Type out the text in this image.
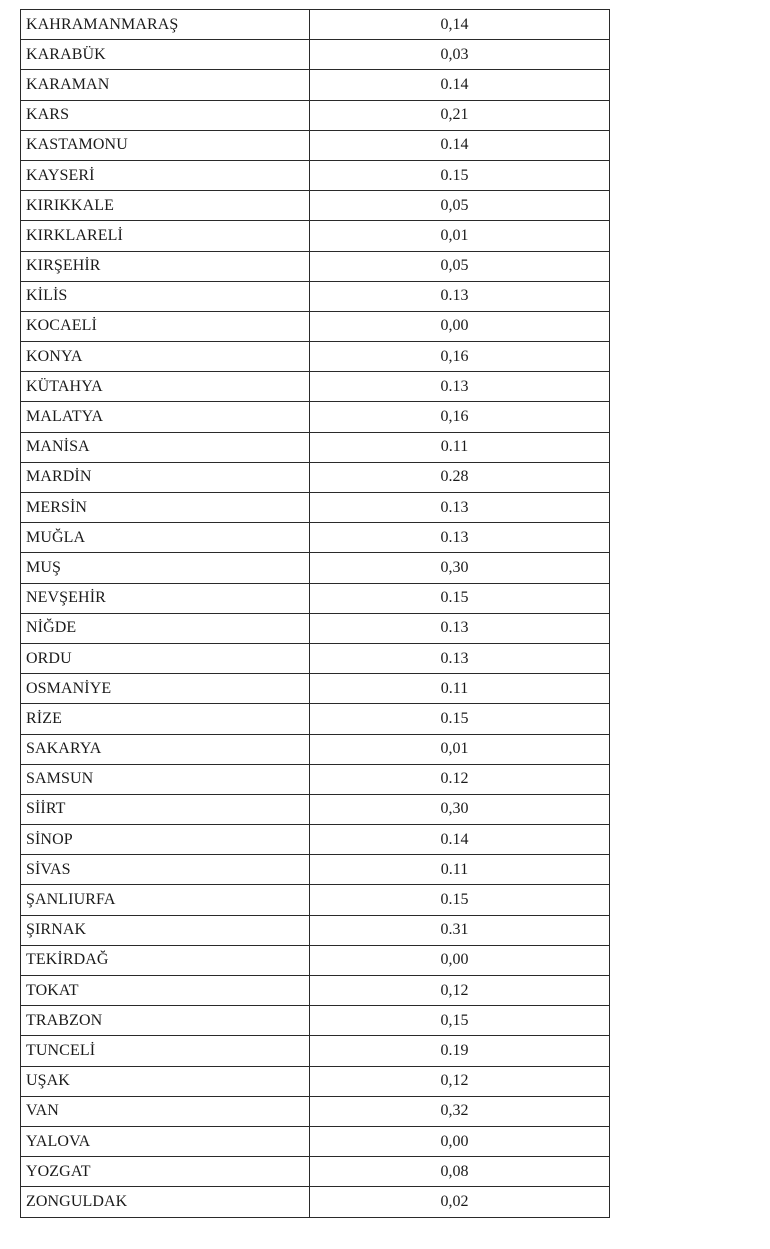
KAHRAMANMARAŞ	0,14
KARABÜK	0,03
KARAMAN	0.14
KARS	0,21
KASTAMONU	0.14
KAYSERİ	0.15
KIRIKKALE	0,05
KIRKLARELİ	0,01
KIRŞEHİR	0,05
KİLİS	0.13
KOCAELİ	0,00
KONYA	0,16
KÜTAHYA	0.13
MALATYA	0,16
MANİSA	0.11
MARDİN	0.28
MERSİN	0.13
MUĞLA	0.13
MUŞ	0,30
NEVŞEHİR	0.15
NİĞDE	0.13
ORDU	0.13
OSMANİYE	0.11
RİZE	0.15
SAKARYA	0,01
SAMSUN	0.12
SİİRT	0,30
SİNOP	0.14
SİVAS	0.11
ŞANLIURFA	0.15
ŞIRNAK	0.31
TEKİRDAĞ	0,00
TOKAT	0,12
TRABZON	0,15
TUNCELİ	0.19
UŞAK	0,12
VAN	0,32
YALOVA	0,00
YOZGAT	0,08
ZONGULDAK	0,02
